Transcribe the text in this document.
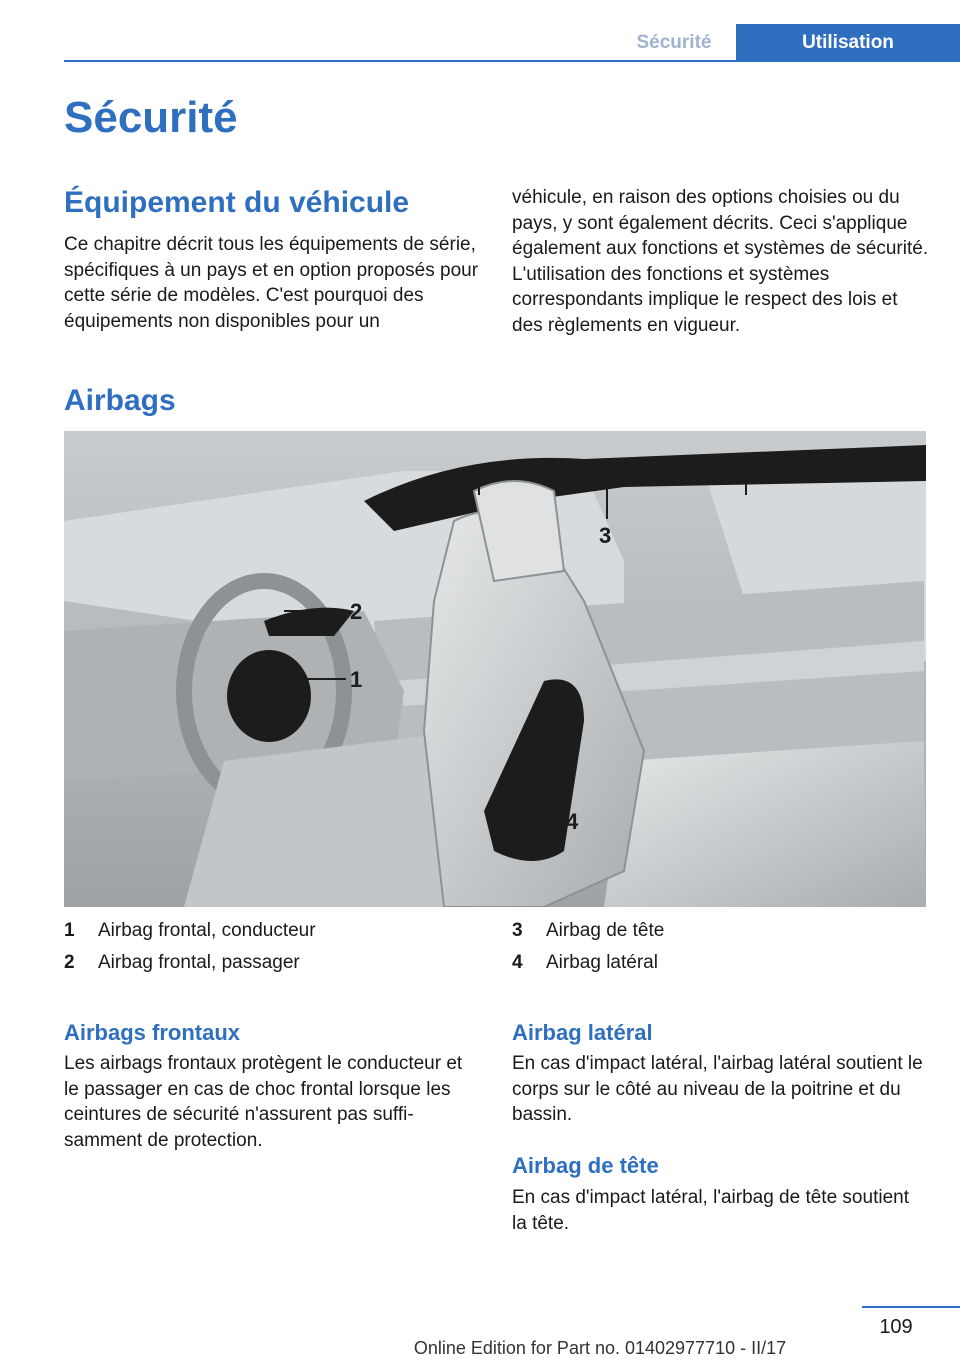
Sécurité	Utilisation
Sécurité
Équipement du véhicule

Ce chapitre décrit tous les équipements de série, spécifiques à un pays et en option proposés pour cette série de modèles. C'est pourquoi des équipements non disponibles pour un

véhicule, en raison des options choisies ou du pays, y sont également décrits. Ceci s'applique également aux fonctions et systèmes de sécurité. L'utilisation des fonctions et systèmes correspondants implique le respect des lois et des règlements en vigueur.

Airbags
1
2
3
4
1 Airbag frontal, conducteur
2 Airbag frontal, passager
3 Airbag de tête
4 Airbag latéral
Airbags frontaux

Les airbags frontaux protègent le conducteur et le passager en cas de choc frontal lorsque les ceintures de sécurité n'assurent pas suffisamment de protection.

Airbag latéral

En cas d'impact latéral, l'airbag latéral soutient le corps sur le côté au niveau de la poitrine et du bassin.

Airbag de tête

En cas d'impact latéral, l'airbag de tête soutient la tête.

109
Online Edition for Part no. 01402977710 - II/17
